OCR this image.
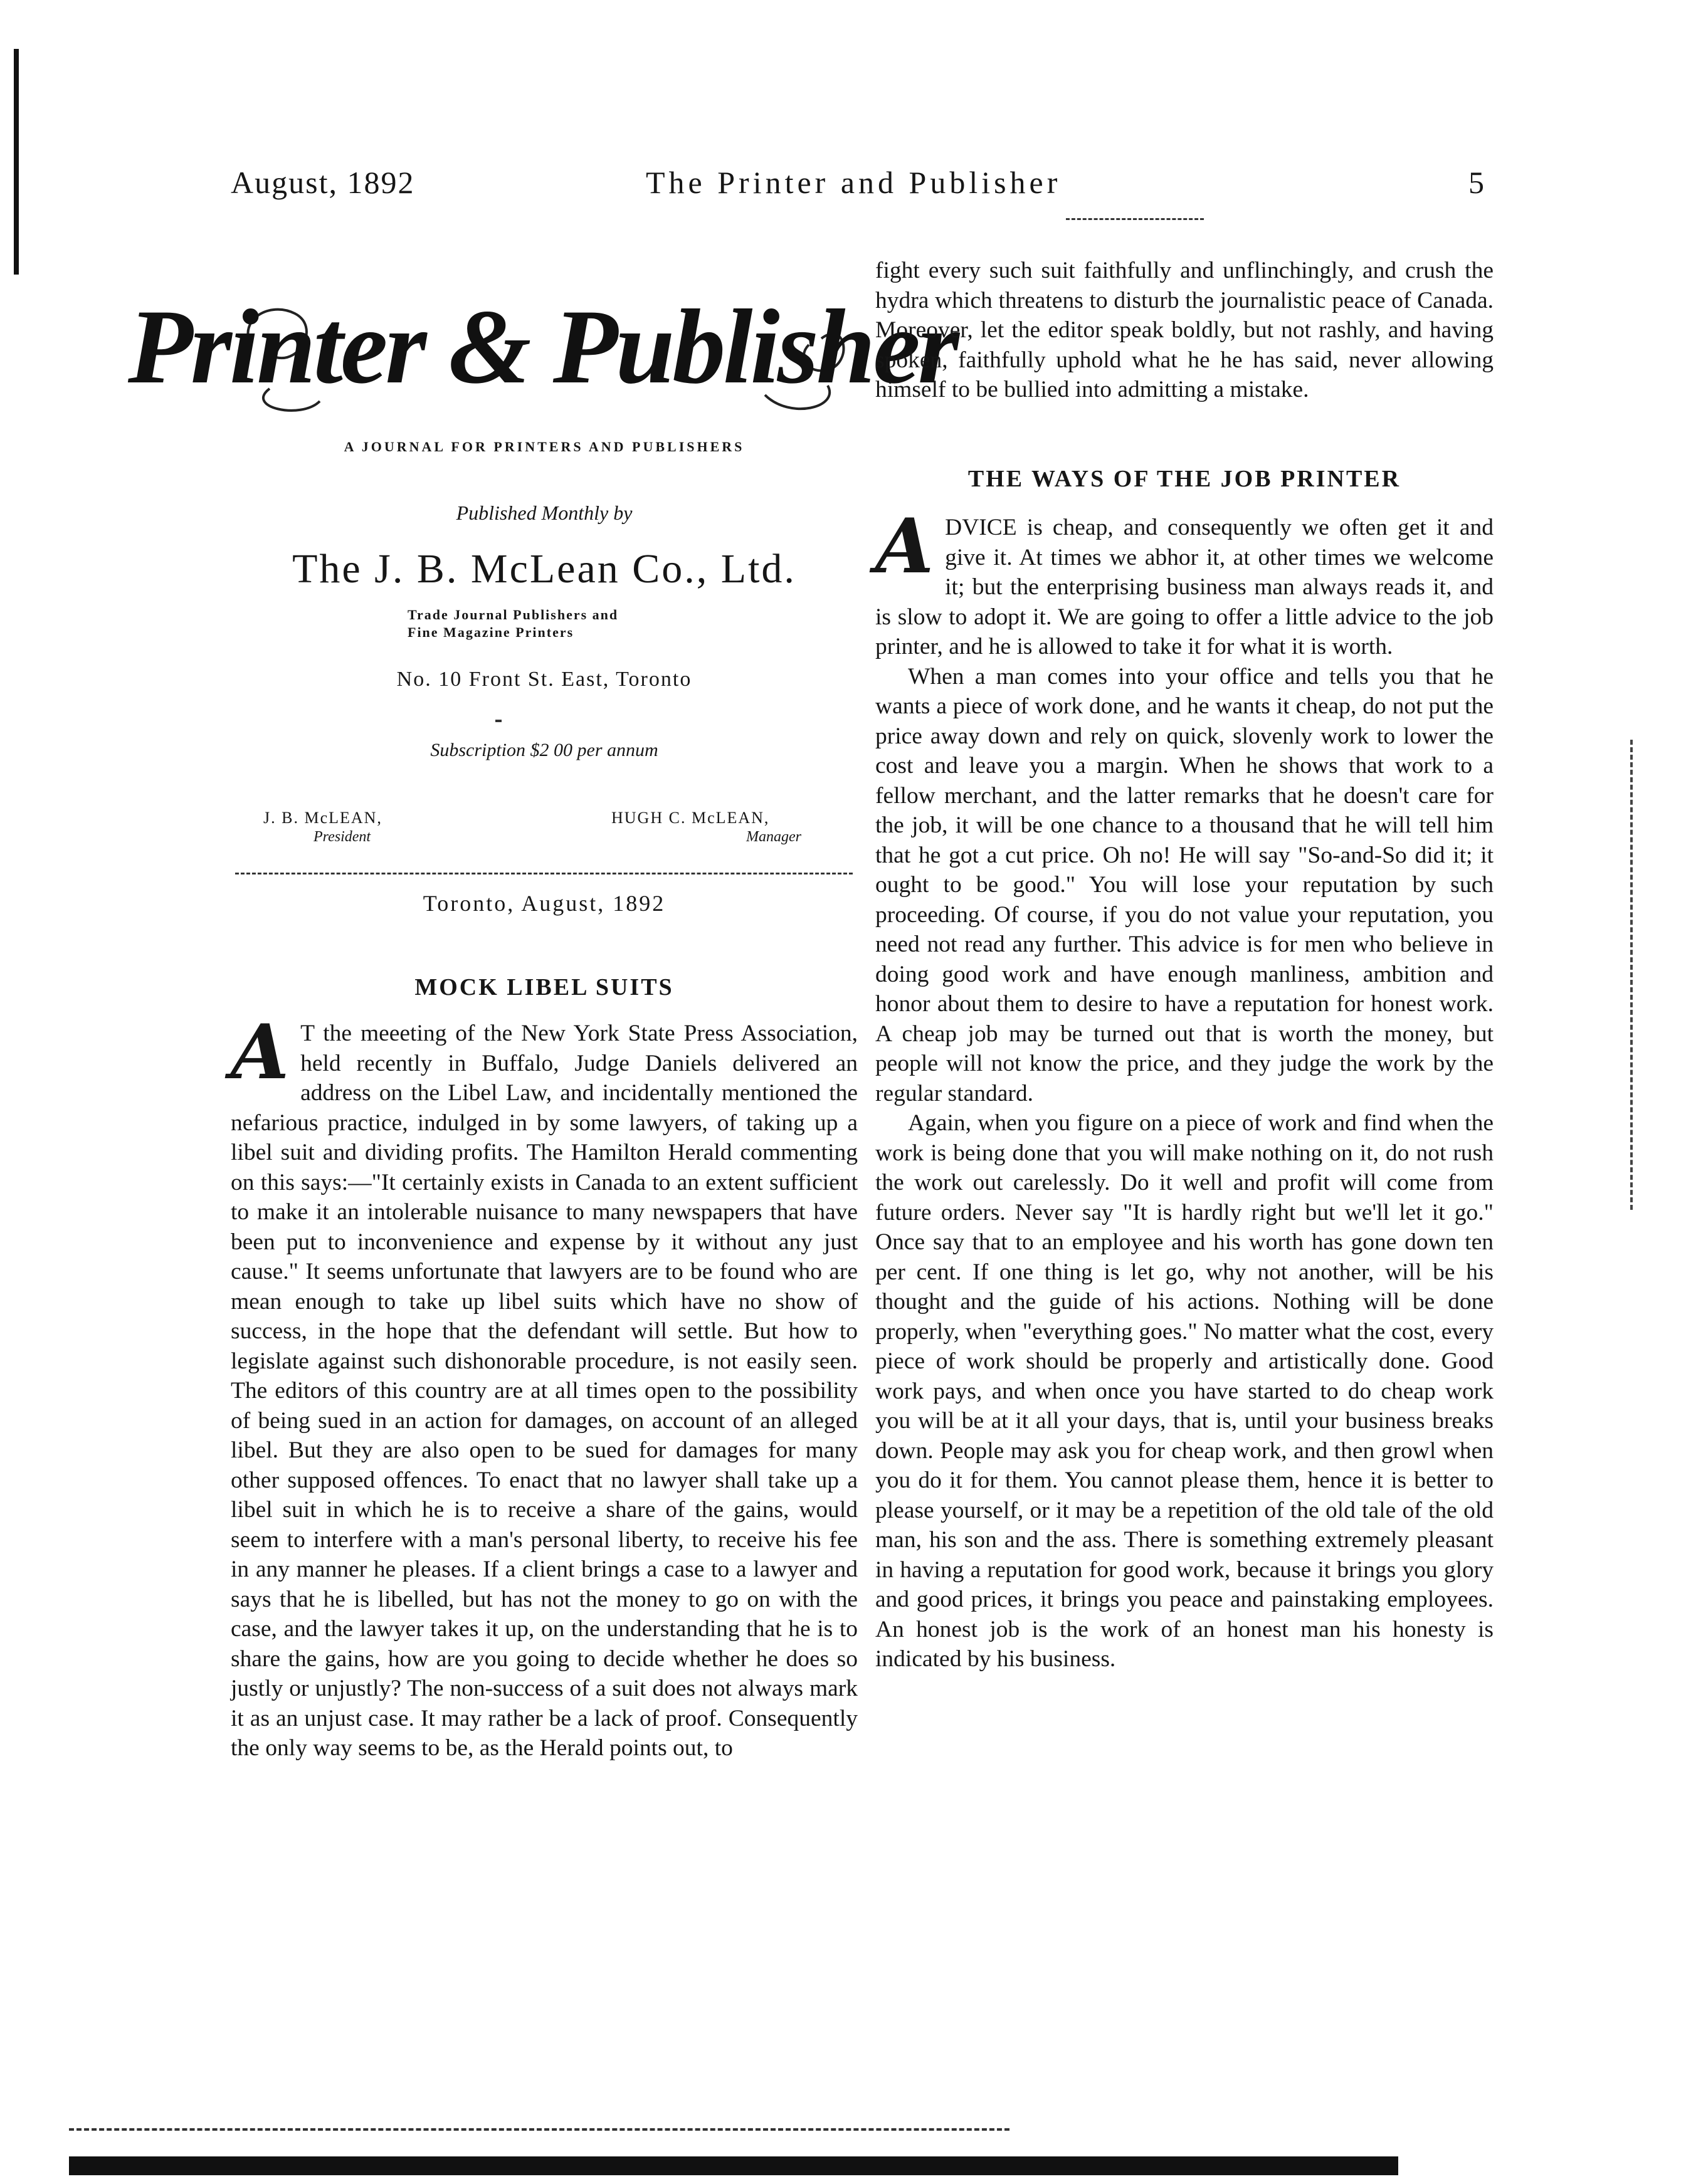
August, 1892	The Printer and Publisher	5
Printer & Publisher
A JOURNAL FOR PRINTERS AND PUBLISHERS
Published Monthly by
The J. B. McLean Co., Ltd.
Trade Journal Publishers and
Fine Magazine Printers
No. 10 Front St. East, Toronto
Subscription $2 00 per annum
J. B. McLEAN,
President
HUGH C. McLEAN,
Manager
Toronto, August, 1892
MOCK LIBEL SUITS
A T the meeeting of the New York State Press Association, held recently in Buffalo, Judge Daniels delivered an address on the Libel Law, and incidentally mentioned the nefarious practice, indulged in by some lawyers, of taking up a libel suit and dividing profits. The Hamilton Herald commenting on this says:—"It certainly exists in Canada to an extent sufficient to make it an intolerable nuisance to many newspapers that have been put to inconvenience and expense by it without any just cause." It seems unfortunate that lawyers are to be found who are mean enough to take up libel suits which have no show of success, in the hope that the defendant will settle. But how to legislate against such dishonorable procedure, is not easily seen. The editors of this country are at all times open to the possibility of being sued in an action for damages, on account of an alleged libel. But they are also open to be sued for damages for many other supposed offences. To enact that no lawyer shall take up a libel suit in which he is to receive a share of the gains, would seem to interfere with a man's personal liberty, to receive his fee in any manner he pleases. If a client brings a case to a lawyer and says that he is libelled, but has not the money to go on with the case, and the lawyer takes it up, on the understanding that he is to share the gains, how are you going to decide whether he does so justly or unjustly? The non-success of a suit does not always mark it as an unjust case. It may rather be a lack of proof. Consequently the only way seems to be, as the Herald points out, to

fight every such suit faithfully and unflinchingly, and crush the hydra which threatens to disturb the journalistic peace of Canada. Moreover, let the editor speak boldly, but not rashly, and having spoken, faithfully uphold what he he has said, never allowing himself to be bullied into admitting a mistake.

THE WAYS OF THE JOB PRINTER
A DVICE is cheap, and consequently we often get it and give it. At times we abhor it, at other times we welcome it; but the enterprising business man always reads it, and is slow to adopt it. We are going to offer a little advice to the job printer, and he is allowed to take it for what it is worth.

When a man comes into your office and tells you that he wants a piece of work done, and he wants it cheap, do not put the price away down and rely on quick, slovenly work to lower the cost and leave you a margin. When he shows that work to a fellow merchant, and the latter remarks that he doesn't care for the job, it will be one chance to a thousand that he will tell him that he got a cut price. Oh no! He will say "So-and-So did it; it ought to be good." You will lose your reputation by such proceeding. Of course, if you do not value your reputation, you need not read any further. This advice is for men who believe in doing good work and have enough manliness, ambition and honor about them to desire to have a reputation for honest work. A cheap job may be turned out that is worth the money, but people will not know the price, and they judge the work by the regular standard.

Again, when you figure on a piece of work and find when the work is being done that you will make nothing on it, do not rush the work out carelessly. Do it well and profit will come from future orders. Never say "It is hardly right but we'll let it go." Once say that to an employee and his worth has gone down ten per cent. If one thing is let go, why not another, will be his thought and the guide of his actions. Nothing will be done properly, when "everything goes." No matter what the cost, every piece of work should be properly and artistically done. Good work pays, and when once you have started to do cheap work you will be at it all your days, that is, until your business breaks down. People may ask you for cheap work, and then growl when you do it for them. You cannot please them, hence it is better to please yourself, or it may be a repetition of the old tale of the old man, his son and the ass. There is something extremely pleasant in having a reputation for good work, because it brings you glory and good prices, it brings you peace and painstaking employees. An honest job is the work of an honest man his honesty is indicated by his business.
